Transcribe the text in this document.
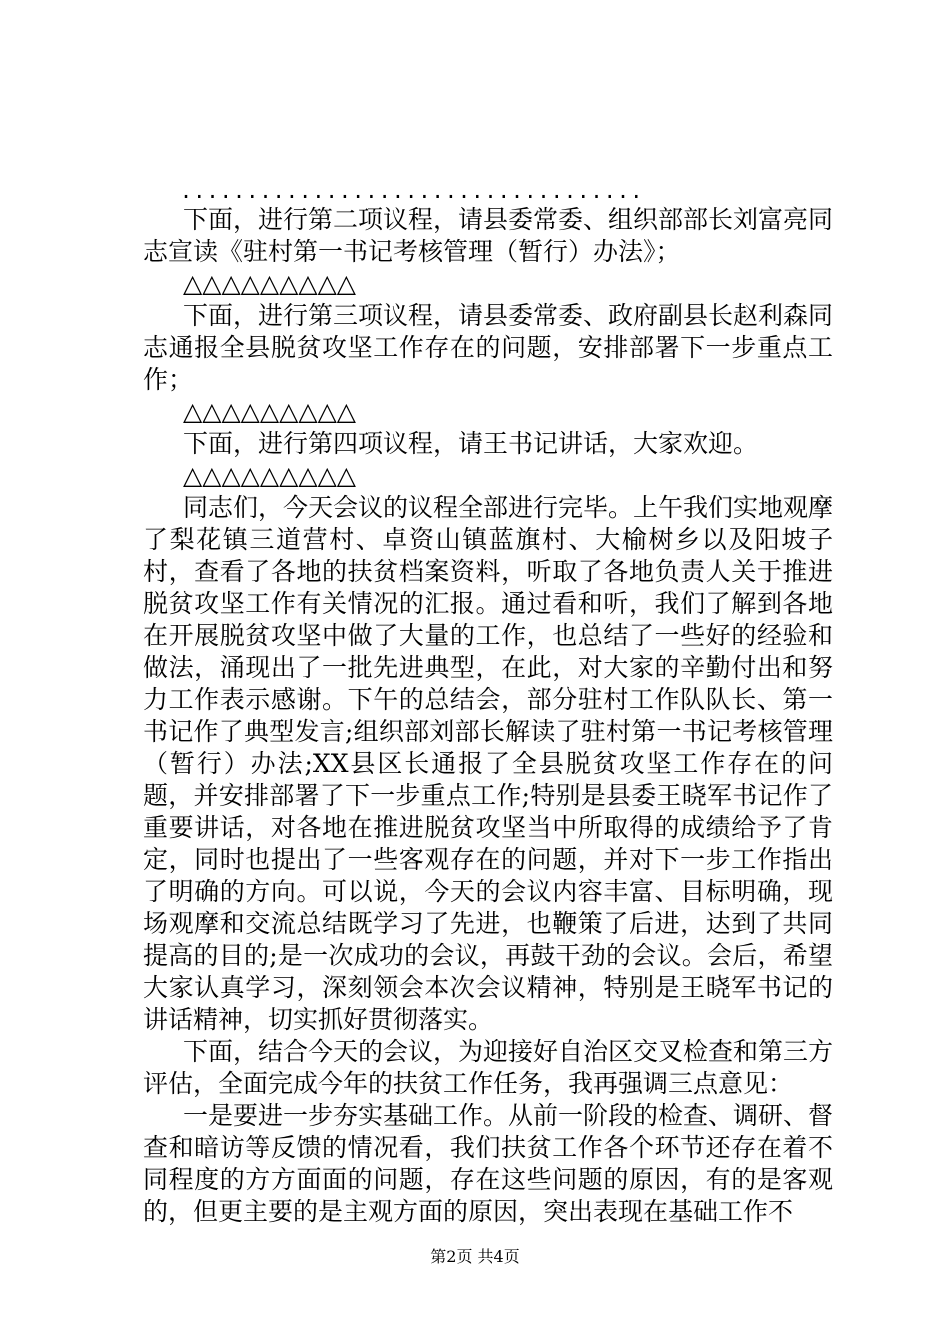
...................................

下面，进行第二项议程，请县委常委、组织部部长刘富亮同志宣读《驻村第一书记考核管理（暂行）办法》；

△△△△△△△△△

下面，进行第三项议程，请县委常委、政府副县长赵利森同志通报全县脱贫攻坚工作存在的问题，安排部署下一步重点工作；

△△△△△△△△△

下面，进行第四项议程，请王书记讲话，大家欢迎。

△△△△△△△△△

同志们，今天会议的议程全部进行完毕。上午我们实地观摩了梨花镇三道营村、卓资山镇蓝旗村、大榆树乡以及阳坡子村，查看了各地的扶贫档案资料，听取了各地负责人关于推进脱贫攻坚工作有关情况的汇报。通过看和听，我们了解到各地在开展脱贫攻坚中做了大量的工作，也总结了一些好的经验和做法，涌现出了一批先进典型，在此，对大家的辛勤付出和努力工作表示感谢。下午的总结会，部分驻村工作队队长、第一书记作了典型发言;组织部刘部长解读了驻村第一书记考核管理（暂行）办法;XX县区长通报了全县脱贫攻坚工作存在的问题，并安排部署了下一步重点工作;特别是县委王晓军书记作了重要讲话，对各地在推进脱贫攻坚当中所取得的成绩给予了肯定，同时也提出了一些客观存在的问题，并对下一步工作指出了明确的方向。可以说，今天的会议内容丰富、目标明确，现场观摩和交流总结既学习了先进，也鞭策了后进，达到了共同提高的目的;是一次成功的会议，再鼓干劲的会议。会后，希望大家认真学习，深刻领会本次会议精神，特别是王晓军书记的讲话精神，切实抓好贯彻落实。

下面，结合今天的会议，为迎接好自治区交叉检查和第三方评估，全面完成今年的扶贫工作任务，我再强调三点意见：

一是要进一步夯实基础工作。从前一阶段的检查、调研、督查和暗访等反馈的情况看，我们扶贫工作各个环节还存在着不同程度的方方面面的问题，存在这些问题的原因，有的是客观的，但更主要的是主观方面的原因，突出表现在基础工作不

第2页 共4页
